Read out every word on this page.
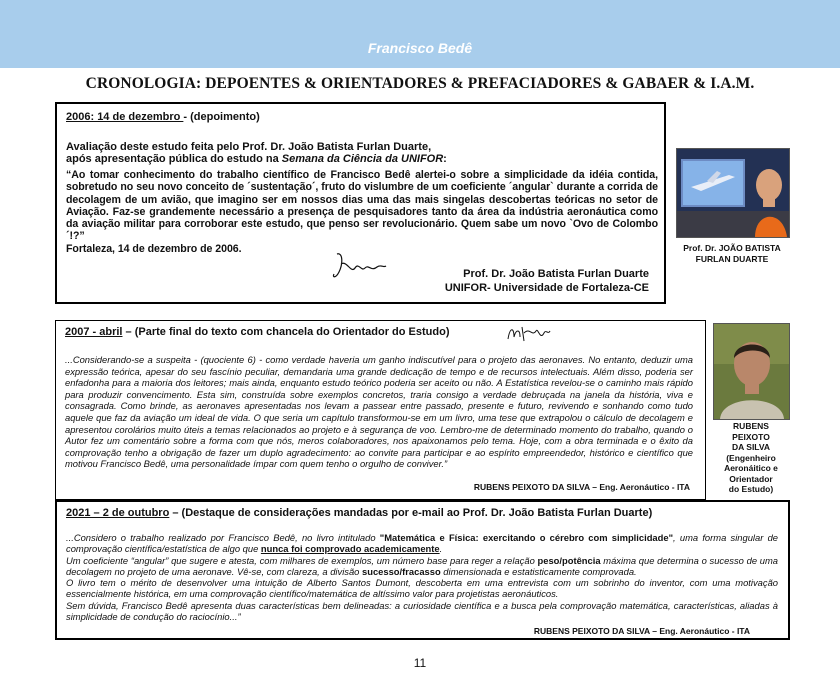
Francisco Bedê
CRONOLOGIA: DEPOENTES & ORIENTADORES & PREFACIADORES & GABAER & I.A.M.
2006: 14 de dezembro - (depoimento)
Avaliação deste estudo feita pelo Prof. Dr. João Batista Furlan Duarte,
após apresentação pública do estudo na Semana da Ciência da UNIFOR:
“Ao tomar conhecimento do trabalho científico de Francisco Bedê alertei-o sobre a simplicidade da idéia contida, sobretudo no seu novo conceito de ´sustentação´, fruto do vislumbre de um coeficiente ´angular` durante a corrida de decolagem de um avião, que imagino ser em nossos dias uma das mais singelas descobertas teóricas no setor de Aviação. Faz-se grandemente necessário a presença de pesquisadores tanto da área da indústria aeronáutica como da aviação militar para corroborar este estudo, que penso ser revolucionário. Quem sabe um novo `Ovo de Colombo´!?”
Fortaleza, 14 de dezembro de 2006.
Prof. Dr. João Batista Furlan Duarte
UNIFOR- Universidade de Fortaleza-CE
Prof. Dr. JOÃO BATISTA
FURLAN DUARTE
2007 - abril – (Parte final do texto com chancela do Orientador do Estudo)
...Considerando-se a suspeita - (quociente 6) - como verdade haveria um ganho indiscutível para o projeto das aeronaves. No entanto, deduzir uma expressão teórica, apesar do seu fascínio peculiar, demandaria uma grande dedicação de tempo e de recursos intelectuais. Além disso, poderia ser enfadonha para a maioria dos leitores; mais ainda, enquanto estudo teórico poderia ser aceito ou não. A Estatística revelou-se o caminho mais rápido para produzir convencimento. Esta sim, construída sobre exemplos concretos, traria consigo a verdade debruçada na janela da história, viva e consagrada. Como brinde, as aeronaves apresentadas nos levam a passear entre passado, presente e futuro, revivendo e sonhando como tudo aquele que faz da aviação um ideal de vida. O que seria um capítulo transformou-se em um livro, uma tese que extrapolou o cálculo de decolagem e apresentou corolários muito úteis a temas relacionados ao projeto e à segurança de voo. Lembro-me de determinado momento do trabalho, quando o Autor fez um comentário sobre a forma com que nós, meros colaboradores, nos apaixonamos pelo tema. Hoje, com a obra terminada e o êxito da comprovação tenho a obrigação de fazer um duplo agradecimento: ao convite para participar e ao espírito empreendedor, histórico e científico que motivou Francisco Bedê, uma personalidade ímpar com quem tenho o orgulho de conviver.”
RUBENS PEIXOTO DA SILVA – Eng. Aeronáutico - ITA
RUBENS
PEIXOTO
DA SILVA
(Engenheiro
Aeronáitico e
Orientador
do Estudo)
2021 – 2 de outubro – (Destaque de considerações mandadas por e-mail ao Prof. Dr. João Batista Furlan Duarte)
...Considero o trabalho realizado por Francisco Bedê, no livro intitulado "Matemática e Física: exercitando o cérebro com simplicidade", uma forma singular de comprovação científica/estatística de algo que nunca foi comprovado academicamente.
Um coeficiente “angular” que sugere e atesta, com milhares de exemplos, um número base para reger a relação peso/potência máxima que determina o sucesso de uma decolagem no projeto de uma aeronave. Vê-se, com clareza, a divisão sucesso/fracasso dimensionada e estatisticamente comprovada.
O livro tem o mérito de desenvolver uma intuição de Alberto Santos Dumont, descoberta em uma entrevista com um sobrinho do inventor, com uma motivação essencialmente histórica, em uma comprovação científico/matemática de altíssimo valor para projetistas aeronáuticos.
Sem dúvida, Francisco Bedê apresenta duas características bem delineadas: a curiosidade científica e a busca pela comprovação matemática, características, aliadas à simplicidade de condução do raciocínio...”
RUBENS PEIXOTO DA SILVA – Eng. Aeronáutico - ITA
11
